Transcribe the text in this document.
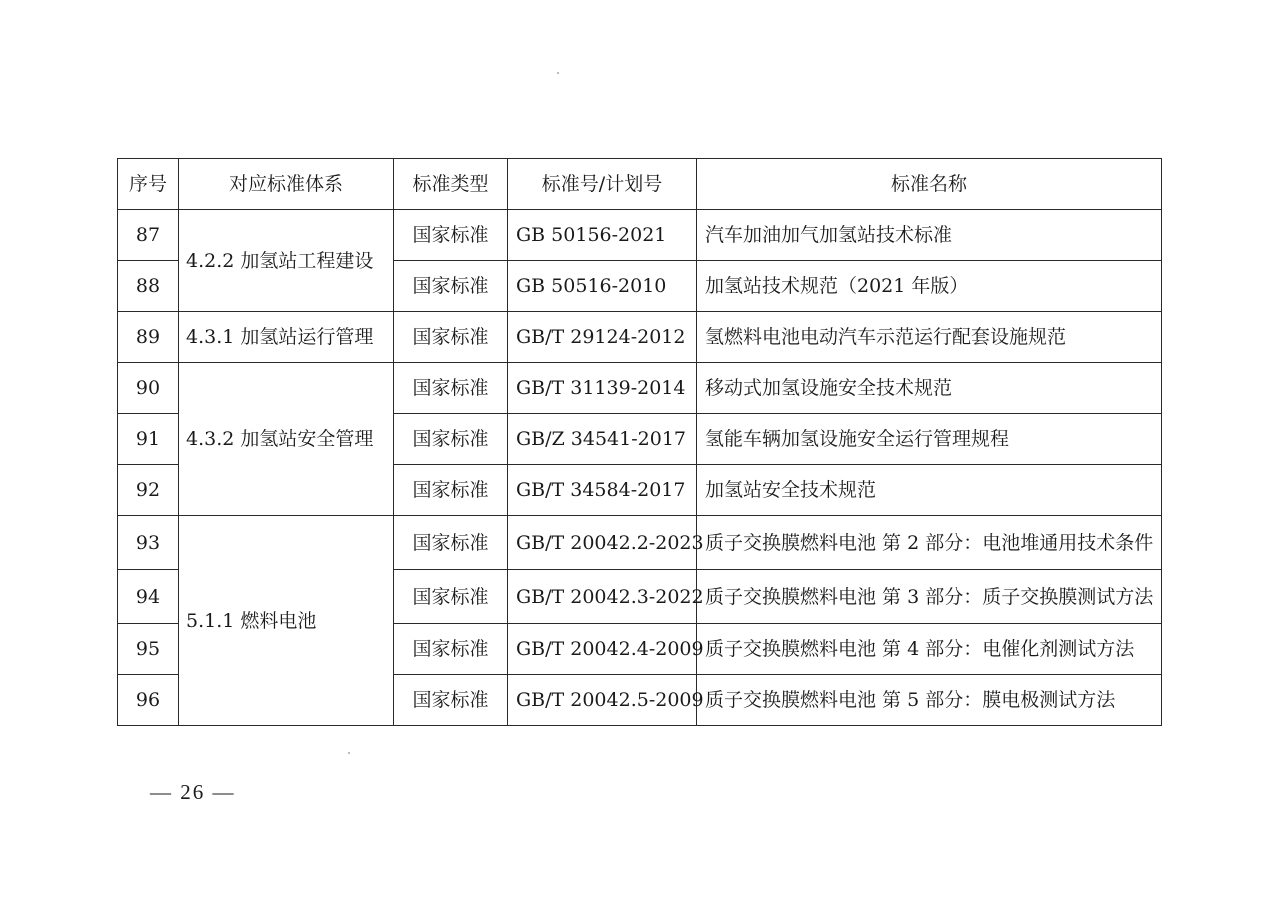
序号	对应标准体系	标准类型	标准号/计划号	标准名称
87	4.2.2 加氢站工程建设	国家标准	GB 50156-2021	汽车加油加气加氢站技术标准
88		国家标准	GB 50516-2010	加氢站技术规范（2021 年版）
89	4.3.1 加氢站运行管理	国家标准	GB/T 29124-2012	氢燃料电池电动汽车示范运行配套设施规范
90	4.3.2 加氢站安全管理	国家标准	GB/T 31139-2014	移动式加氢设施安全技术规范
91		国家标准	GB/Z 34541-2017	氢能车辆加氢设施安全运行管理规程
92		国家标准	GB/T 34584-2017	加氢站安全技术规范
93	5.1.1 燃料电池	国家标准	GB/T 20042.2-2023	质子交换膜燃料电池 第 2 部分：电池堆通用技术条件
94		国家标准	GB/T 20042.3-2022	质子交换膜燃料电池 第 3 部分：质子交换膜测试方法
95		国家标准	GB/T 20042.4-2009	质子交换膜燃料电池 第 4 部分：电催化剂测试方法
96		国家标准	GB/T 20042.5-2009	质子交换膜燃料电池 第 5 部分：膜电极测试方法
— 26 —
